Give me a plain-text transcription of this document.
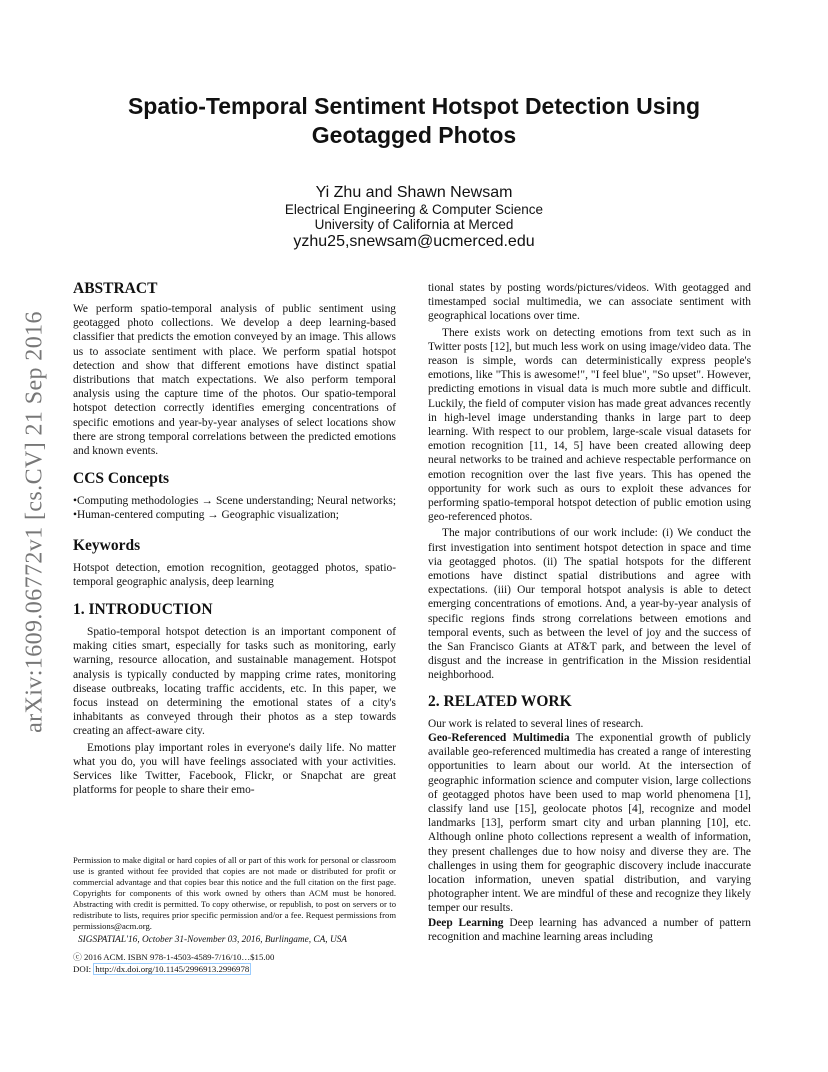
Spatio-Temporal Sentiment Hotspot Detection Using Geotagged Photos
Yi Zhu and Shawn Newsam
Electrical Engineering & Computer Science
University of California at Merced
yzhu25,snewsam@ucmerced.edu
arXiv:1609.06772v1 [cs.CV] 21 Sep 2016
ABSTRACT

We perform spatio-temporal analysis of public sentiment using geotagged photo collections. We develop a deep learning-based classifier that predicts the emotion conveyed by an image. This allows us to associate sentiment with place. We perform spatial hotspot detection and show that different emotions have distinct spatial distributions that match expectations. We also perform temporal analysis using the capture time of the photos. Our spatio-temporal hotspot detection correctly identifies emerging concentrations of specific emotions and year-by-year analyses of select locations show there are strong temporal correlations between the predicted emotions and known events.

CCS Concepts

•Computing methodologies → Scene understanding; Neural networks; •Human-centered computing → Geographic visualization;

Keywords

Hotspot detection, emotion recognition, geotagged photos, spatio-temporal geographic analysis, deep learning

1. INTRODUCTION

Spatio-temporal hotspot detection is an important component of making cities smart, especially for tasks such as monitoring, early warning, resource allocation, and sustainable management. Hotspot analysis is typically conducted by mapping crime rates, monitoring disease outbreaks, locating traffic accidents, etc. In this paper, we focus instead on determining the emotional states of a city's inhabitants as conveyed through their photos as a step towards creating an affect-aware city.

Emotions play important roles in everyone's daily life. No matter what you do, you will have feelings associated with your activities. Services like Twitter, Facebook, Flickr, or Snapchat are great platforms for people to share their emo-

Permission to make digital or hard copies of all or part of this work for personal or classroom use is granted without fee provided that copies are not made or distributed for profit or commercial advantage and that copies bear this notice and the full citation on the first page. Copyrights for components of this work owned by others than ACM must be honored. Abstracting with credit is permitted. To copy otherwise, or republish, to post on servers or to redistribute to lists, requires prior specific permission and/or a fee. Request permissions from permissions@acm.org.
SIGSPATIAL'16, October 31-November 03, 2016, Burlingame, CA, USA
ⓒ 2016 ACM. ISBN 978-1-4503-4589-7/16/10…$15.00
DOI: http://dx.doi.org/10.1145/2996913.2996978

tional states by posting words/pictures/videos. With geotagged and timestamped social multimedia, we can associate sentiment with geographical locations over time.

There exists work on detecting emotions from text such as in Twitter posts [12], but much less work on using image/video data. The reason is simple, words can deterministically express people's emotions, like "This is awesome!", "I feel blue", "So upset". However, predicting emotions in visual data is much more subtle and difficult. Luckily, the field of computer vision has made great advances recently in high-level image understanding thanks in large part to deep learning. With respect to our problem, large-scale visual datasets for emotion recognition [11, 14, 5] have been created allowing deep neural networks to be trained and achieve respectable performance on emotion recognition over the last five years. This has opened the opportunity for work such as ours to exploit these advances for performing spatio-temporal hotspot detection of public emotion using geo-referenced photos.

The major contributions of our work include: (i) We conduct the first investigation into sentiment hotspot detection in space and time via geotagged photos. (ii) The spatial hotspots for the different emotions have distinct spatial distributions and agree with expectations. (iii) Our temporal hotspot analysis is able to detect emerging concentrations of emotions. And, a year-by-year analysis of specific regions finds strong correlations between emotions and temporal events, such as between the level of joy and the success of the San Francisco Giants at AT&T park, and between the level of disgust and the increase in gentrification in the Mission residential neighborhood.

2. RELATED WORK

Our work is related to several lines of research.

Geo-Referenced Multimedia The exponential growth of publicly available geo-referenced multimedia has created a range of interesting opportunities to learn about our world. At the intersection of geographic information science and computer vision, large collections of geotagged photos have been used to map world phenomena [1], classify land use [15], geolocate photos [4], recognize and model landmarks [13], perform smart city and urban planning [10], etc. Although online photo collections represent a wealth of information, they present challenges due to how noisy and diverse they are. The challenges in using them for geographic discovery include inaccurate location information, uneven spatial distribution, and varying photographer intent. We are mindful of these and recognize they likely temper our results.

Deep Learning Deep learning has advanced a number of pattern recognition and machine learning areas including
